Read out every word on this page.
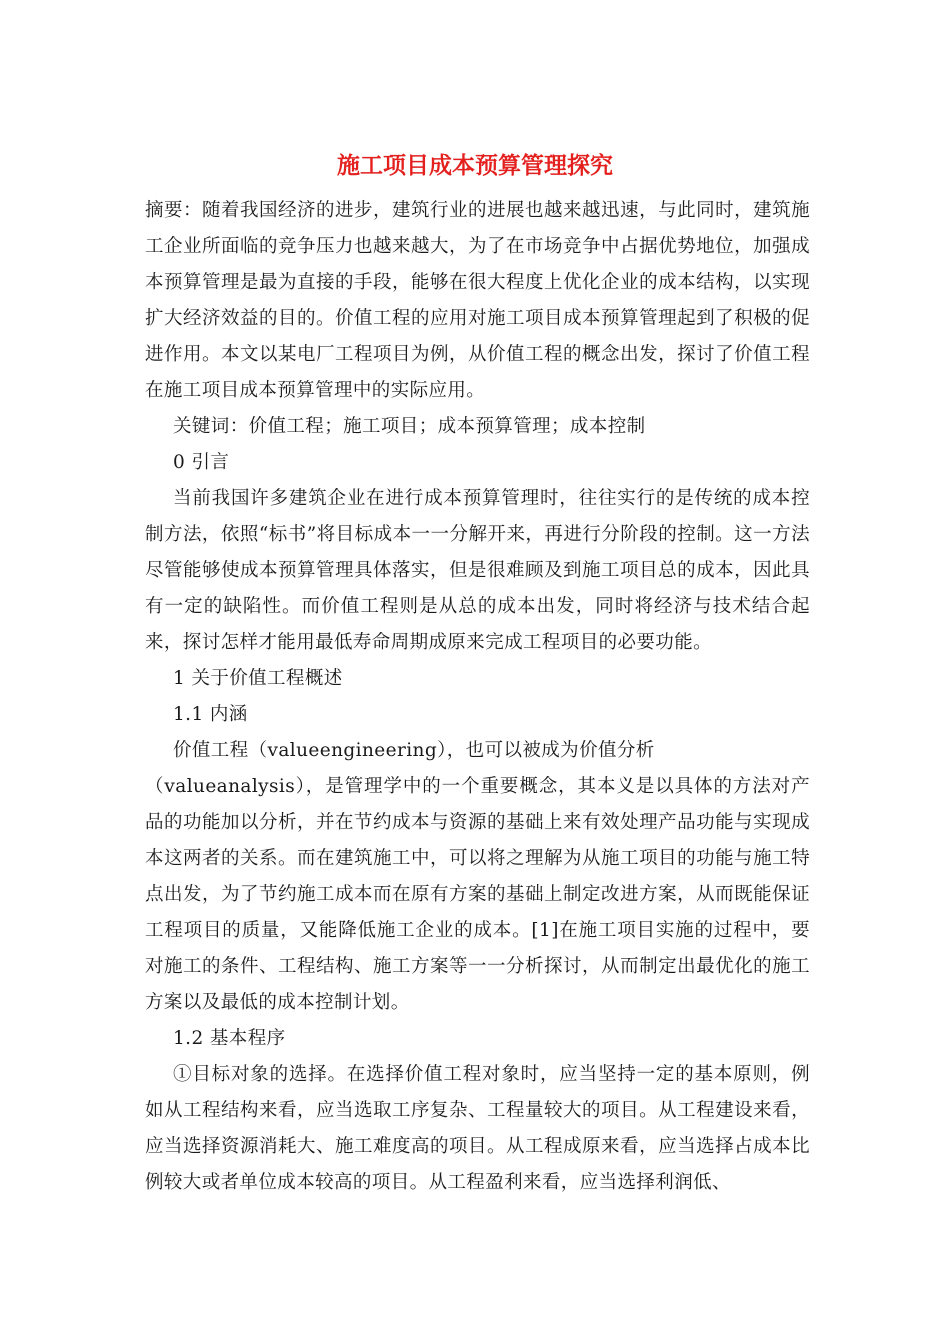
施工项目成本预算管理探究

摘要：随着我国经济的进步，建筑行业的进展也越来越迅速，与此同时，建筑施工企业所面临的竞争压力也越来越大，为了在市场竞争中占据优势地位，加强成本预算管理是最为直接的手段，能够在很大程度上优化企业的成本结构，以实现扩大经济效益的目的。价值工程的应用对施工项目成本预算管理起到了积极的促进作用。本文以某电厂工程项目为例，从价值工程的概念出发，探讨了价值工程在施工项目成本预算管理中的实际应用。

关键词：价值工程；施工项目；成本预算管理；成本控制

0 引言

当前我国许多建筑企业在进行成本预算管理时，往往实行的是传统的成本控制方法，依照“标书”将目标成本一一分解开来，再进行分阶段的控制。这一方法尽管能够使成本预算管理具体落实，但是很难顾及到施工项目总的成本，因此具有一定的缺陷性。而价值工程则是从总的成本出发，同时将经济与技术结合起来，探讨怎样才能用最低寿命周期成原来完成工程项目的必要功能。

1 关于价值工程概述

1.1 内涵

价值工程（valueengineering），也可以被成为价值分析

（valueanalysis），是管理学中的一个重要概念，其本义是以具体的方法对产品的功能加以分析，并在节约成本与资源的基础上来有效处理产品功能与实现成本这两者的关系。而在建筑施工中，可以将之理解为从施工项目的功能与施工特点出发，为了节约施工成本而在原有方案的基础上制定改进方案，从而既能保证工程项目的质量，又能降低施工企业的成本。[1]在施工项目实施的过程中，要对施工的条件、工程结构、施工方案等一一分析探讨，从而制定出最优化的施工方案以及最低的成本控制计划。

1.2 基本程序

①目标对象的选择。在选择价值工程对象时，应当坚持一定的基本原则，例如从工程结构来看，应当选取工序复杂、工程量较大的项目。从工程建设来看，应当选择资源消耗大、施工难度高的项目。从工程成原来看，应当选择占成本比例较大或者单位成本较高的项目。从工程盈利来看，应当选择利润低、
